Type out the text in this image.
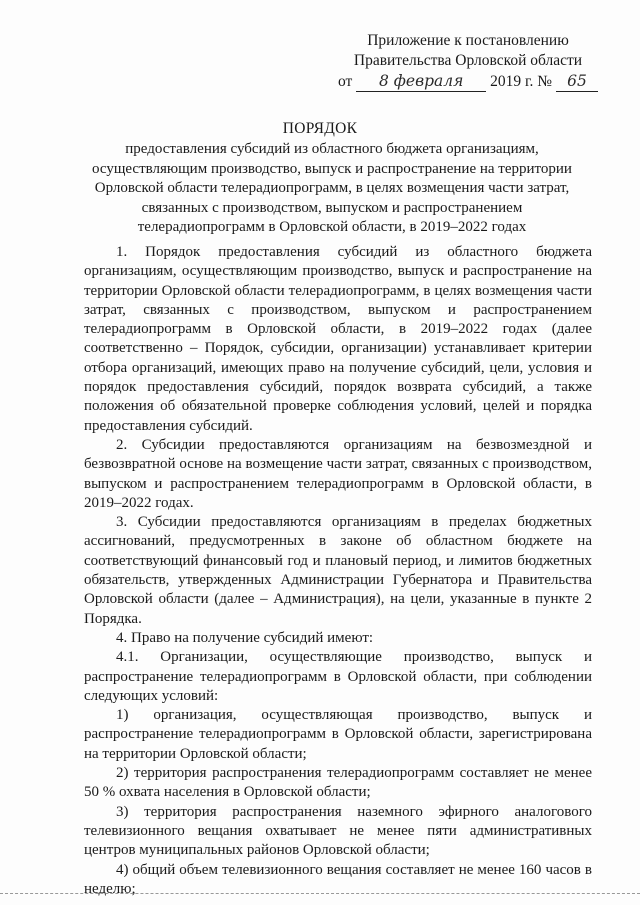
Приложение к постановлению
Правительства Орловской области
от 8 февраля 2019 г. № 65
ПОРЯДОК
предоставления субсидий из областного бюджета организациям, осуществляющим производство, выпуск и распространение на территории Орловской области телерадиопрограмм, в целях возмещения части затрат, связанных с производством, выпуском и распространением телерадиопрограмм в Орловской области, в 2019–2022 годах

1. Порядок предоставления субсидий из областного бюджета организациям, осуществляющим производство, выпуск и распространение на территории Орловской области телерадиопрограмм, в целях возмещения части затрат, связанных с производством, выпуском и распространением телерадиопрограмм в Орловской области, в 2019–2022 годах (далее соответственно – Порядок, субсидии, организации) устанавливает критерии отбора организаций, имеющих право на получение субсидий, цели, условия и порядок предоставления субсидий, порядок возврата субсидий, а также положения об обязательной проверке соблюдения условий, целей и порядка предоставления субсидий.

2. Субсидии предоставляются организациям на безвозмездной и безвозвратной основе на возмещение части затрат, связанных с производством, выпуском и распространением телерадиопрограмм в Орловской области, в 2019–2022 годах.

3. Субсидии предоставляются организациям в пределах бюджетных ассигнований, предусмотренных в законе об областном бюджете на соответствующий финансовый год и плановый период, и лимитов бюджетных обязательств, утвержденных Администрации Губернатора и Правительства Орловской области (далее – Администрация), на цели, указанные в пункте 2 Порядка.

4. Право на получение субсидий имеют:

4.1. Организации, осуществляющие производство, выпуск и распространение телерадиопрограмм в Орловской области, при соблюдении следующих условий:

1) организация, осуществляющая производство, выпуск и распространение телерадиопрограмм в Орловской области, зарегистрирована на территории Орловской области;

2) территория распространения телерадиопрограмм составляет не менее 50 % охвата населения в Орловской области;

3) территория распространения наземного эфирного аналогового телевизионного вещания охватывает не менее пяти административных центров муниципальных районов Орловской области;

4) общий объем телевизионного вещания составляет не менее 160 часов в неделю;
